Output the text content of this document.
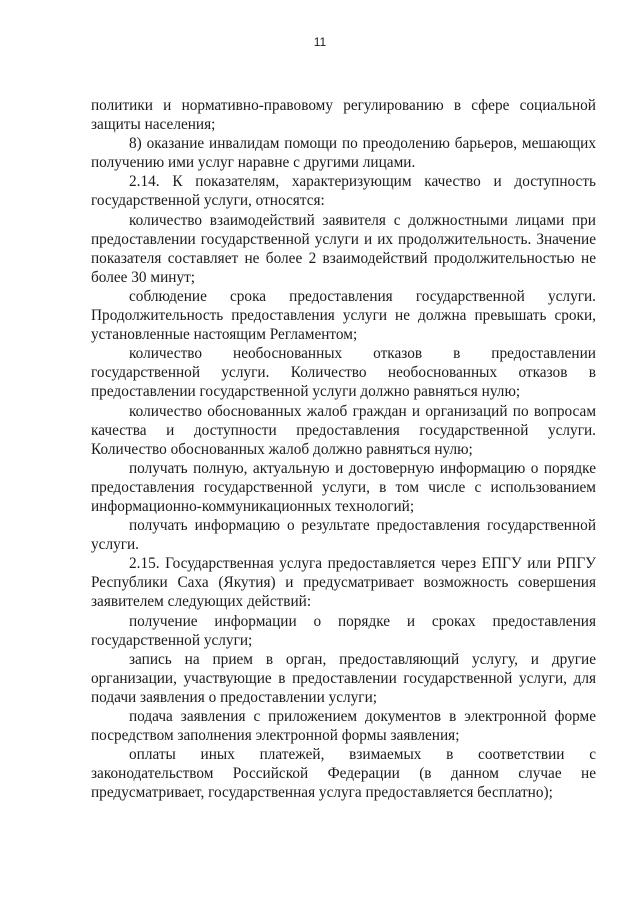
11

политики и нормативно-правовому регулированию в сфере социальной защиты населения;

8) оказание инвалидам помощи по преодолению барьеров, мешающих получению ими услуг наравне с другими лицами.

2.14. К показателям, характеризующим качество и доступность государственной услуги, относятся:

количество взаимодействий заявителя с должностными лицами при предоставлении государственной услуги и их продолжительность. Значение показателя составляет не более 2 взаимодействий продолжительностью не более 30 минут;

соблюдение срока предоставления государственной услуги. Продолжительность предоставления услуги не должна превышать сроки, установленные настоящим Регламентом;

количество необоснованных отказов в предоставлении государственной услуги. Количество необоснованных отказов в предоставлении государственной услуги должно равняться нулю;

количество обоснованных жалоб граждан и организаций по вопросам качества и доступности предоставления государственной услуги. Количество обоснованных жалоб должно равняться нулю;

получать полную, актуальную и достоверную информацию о порядке предоставления государственной услуги, в том числе с использованием информационно-коммуникационных технологий;

получать информацию о результате предоставления государственной услуги.

2.15. Государственная услуга предоставляется через ЕПГУ или РПГУ Республики Саха (Якутия) и предусматривает возможность совершения заявителем следующих действий:

получение информации о порядке и сроках предоставления государственной услуги;

запись на прием в орган, предоставляющий услугу, и другие организации, участвующие в предоставлении государственной услуги, для подачи заявления о предоставлении услуги;

подача заявления с приложением документов в электронной форме посредством заполнения электронной формы заявления;

оплаты иных платежей, взимаемых в соответствии с законодательством Российской Федерации (в данном случае не предусматривает, государственная услуга предоставляется бесплатно);
